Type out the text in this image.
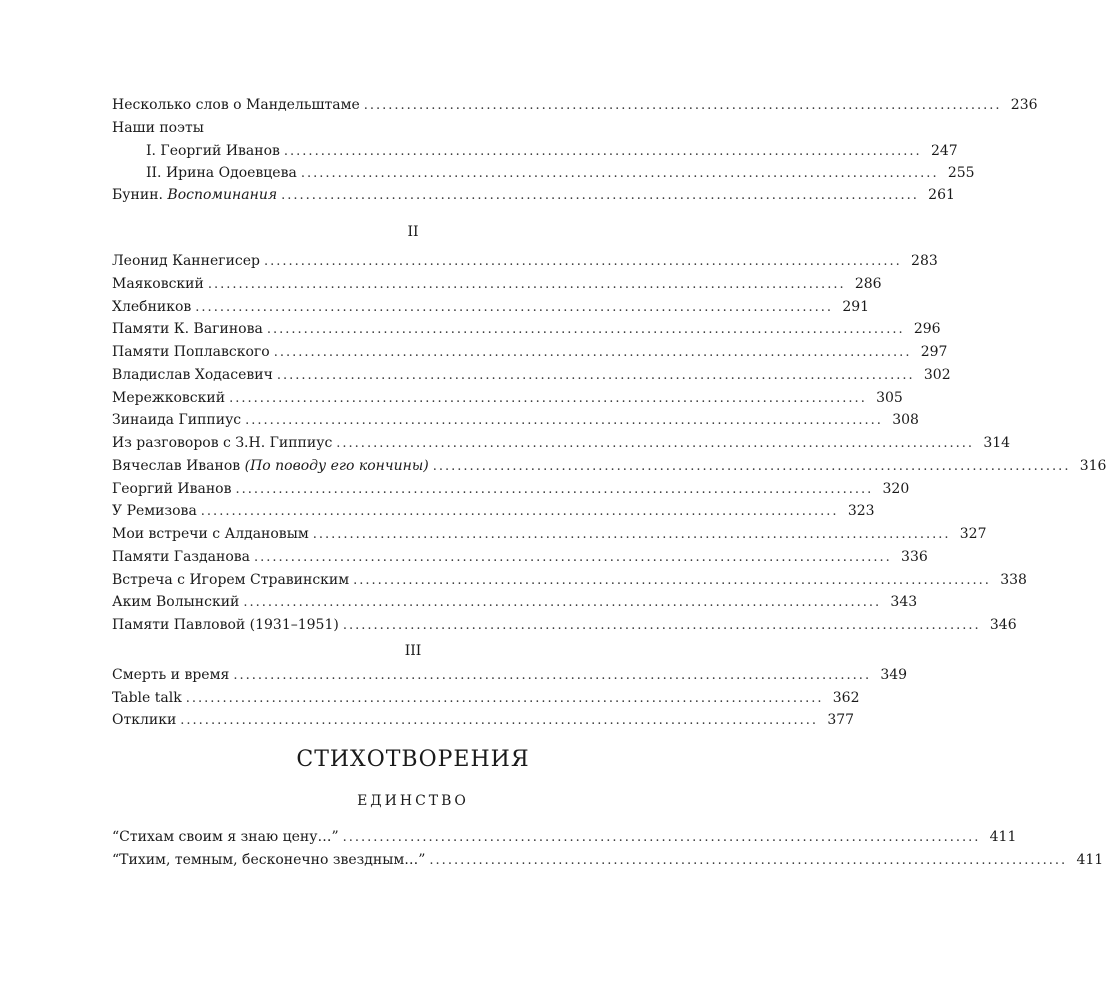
Несколько слов о Мандельштаме ........................................................................................................ 236
Наши поэты
I. Георгий Иванов ........................................................................................................ 247
II. Ирина Одоевцева ........................................................................................................ 255
Бунин. Воспоминания ........................................................................................................ 261
II
Леонид Каннегисер ........................................................................................................ 283
Маяковский ........................................................................................................ 286
Хлебников ........................................................................................................ 291
Памяти К. Вагинова ........................................................................................................ 296
Памяти Поплавского ........................................................................................................ 297
Владислав Ходасевич ........................................................................................................ 302
Мережковский ........................................................................................................ 305
Зинаида Гиппиус ........................................................................................................ 308
Из разговоров с З.Н. Гиппиус ........................................................................................................ 314
Вячеслав Иванов (По поводу его кончины) ........................................................................................................ 316
Георгий Иванов ........................................................................................................ 320
У Ремизова ........................................................................................................ 323
Мои встречи с Алдановым ........................................................................................................ 327
Памяти Газданова ........................................................................................................ 336
Встреча с Игорем Стравинским ........................................................................................................ 338
Аким Волынский ........................................................................................................ 343
Памяти Павловой (1931–1951) ........................................................................................................ 346
III
Смерть и время ........................................................................................................ 349
Table talk ........................................................................................................ 362
Отклики ........................................................................................................ 377
СТИХОТВОРЕНИЯ
ЕДИНСТВО
“Стихам своим я знаю цену…” ........................................................................................................ 411
“Тихим, темным, бесконечно звездным…” ........................................................................................................ 411
